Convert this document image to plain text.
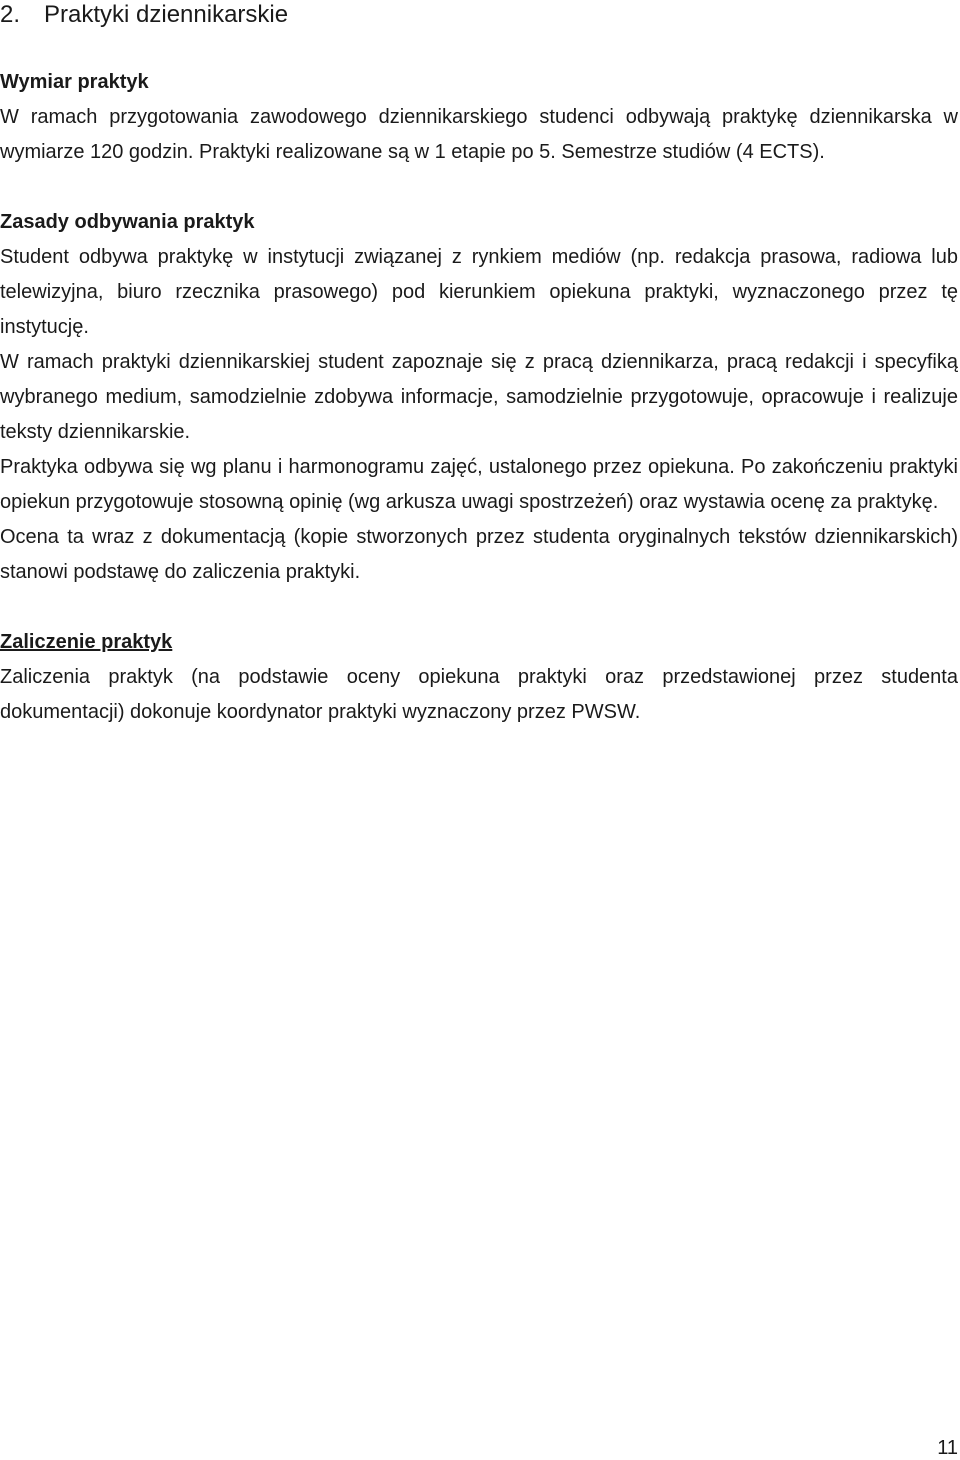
2. Praktyki dziennikarskie
Wymiar praktyk

W ramach przygotowania zawodowego dziennikarskiego studenci odbywają praktykę dziennikarska w wymiarze 120 godzin. Praktyki realizowane są w 1 etapie po 5. Semestrze studiów (4 ECTS).

Zasady odbywania praktyk

Student odbywa praktykę w instytucji związanej z rynkiem mediów (np. redakcja prasowa, radiowa lub telewizyjna, biuro rzecznika prasowego) pod kierunkiem opiekuna praktyki, wyznaczonego przez tę instytucję.

W ramach praktyki dziennikarskiej student zapoznaje się z pracą dziennikarza, pracą redakcji i specyfiką wybranego medium, samodzielnie zdobywa informacje, samodzielnie przygotowuje, opracowuje i realizuje teksty dziennikarskie.

Praktyka odbywa się wg planu i harmonogramu zajęć, ustalonego przez opiekuna. Po zakończeniu praktyki opiekun przygotowuje stosowną opinię (wg arkusza uwagi spostrzeżeń) oraz wystawia ocenę za praktykę.

Ocena ta wraz z dokumentacją (kopie stworzonych przez studenta oryginalnych tekstów dziennikarskich) stanowi podstawę do zaliczenia praktyki.

Zaliczenie praktyk

Zaliczenia praktyk (na podstawie oceny opiekuna praktyki oraz przedstawionej przez studenta dokumentacji) dokonuje koordynator praktyki wyznaczony przez PWSW.

11
